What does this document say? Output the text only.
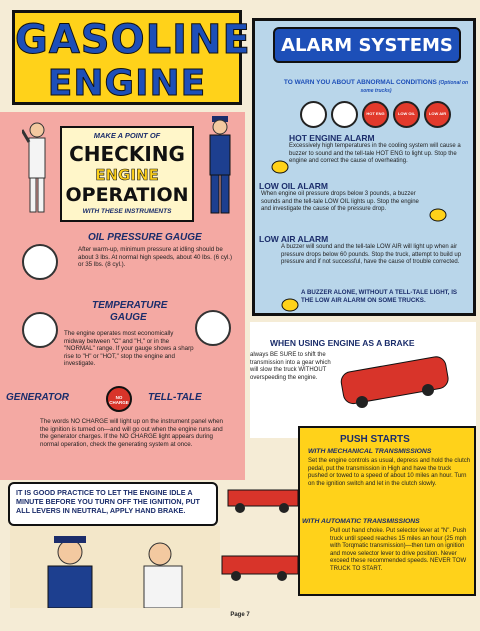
GASOLINE
ENGINE
MAKE A POINT OF
CHECKING
ENGINE
OPERATION
WITH THESE INSTRUMENTS
OIL PRESSURE GAUGE
After warm-up, minimum pressure at idling should be about 3 lbs. At normal high speeds, about 40 lbs. (6 cyl.) or 35 lbs. (8 cyl.).
TEMPERATURE
GAUGE
The engine operates most economically midway between "C" and "H," or in the "NORMAL" range. If your gauge shows a sharp rise to "H" or "HOT," stop the engine and investigate.
GENERATOR	NO CHARGE	TELL-TALE
The words NO CHARGE will light up on the instrument panel when the ignition is turned on—and will go out when the engine runs and the generator charges. If the NO CHARGE light appears during normal operation, check the generating system at once.
ALARM SYSTEMS
TO WARN YOU ABOUT ABNORMAL CONDITIONS (Optional on some trucks)
HOT ENG	LOW OIL	LOW AIR
HOT ENGINE ALARM
Excessively high temperatures in the cooling system will cause a buzzer to sound and the tell-tale HOT ENG to light up. Stop the engine and correct the cause of overheating.
LOW OIL ALARM
When engine oil pressure drops below 3 pounds, a buzzer sounds and the tell-tale LOW OIL lights up. Stop the engine and investigate the cause of the pressure drop.
LOW AIR ALARM
A buzzer will sound and the tell-tale LOW AIR will light up when air pressure drops below 60 pounds. Stop the truck, attempt to build up pressure and if not successful, have the cause of trouble corrected.
A BUZZER ALONE, WITHOUT A TELL-TALE LIGHT, IS THE LOW AIR ALARM ON SOME TRUCKS.
WHEN USING ENGINE AS A BRAKE
always BE SURE to shift the transmission into a gear which will slow the truck WITHOUT overspeeding the engine.
PUSH STARTS
WITH MECHANICAL TRANSMISSIONS
Set the engine controls as usual, depress and hold the clutch pedal, put the transmission in High and have the truck pushed or towed to a speed of about 10 miles an hour. Turn on the ignition switch and let in the clutch slowly.
WITH AUTOMATIC TRANSMISSIONS
Pull out hand choke. Put selector lever at "N". Push truck until speed reaches 15 miles an hour (25 mph with Torqmatic transmission)—then turn on ignition and move selector lever to drive position. Never exceed these recommended speeds. NEVER TOW TRUCK TO START.
IT IS GOOD PRACTICE TO LET THE ENGINE IDLE A MINUTE BEFORE YOU TURN OFF THE IGNITION, PUT ALL LEVERS IN NEUTRAL, APPLY HAND BRAKE.
Page 7
